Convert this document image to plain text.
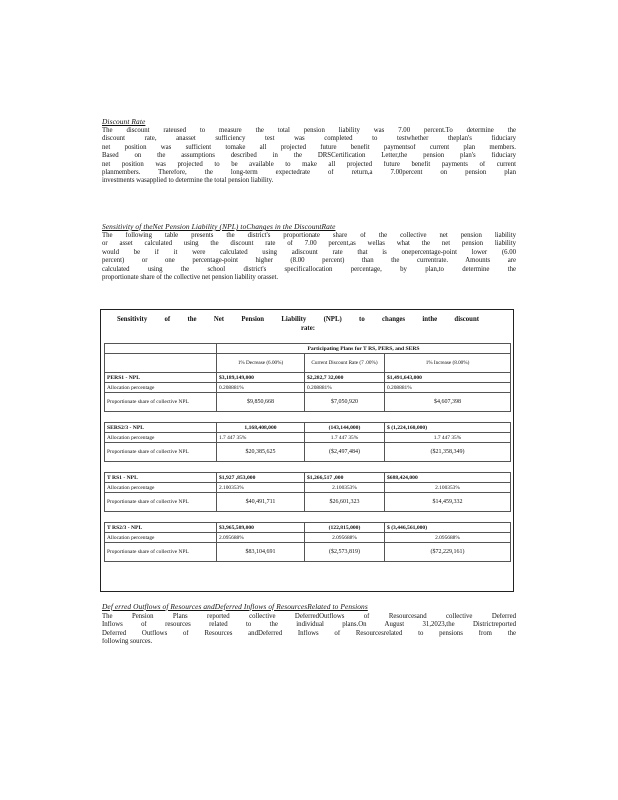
Discount Rate
The discount rateused to measure the total pension liability was 7.00 percent.To determine the
discount rate, anasset sufficiency test was completed to testwhether theplan's fiduciary
net position was sufficient tomake all projected future benefit paymentsof current plan members.
Based on the assumptions described in the DRSCertification Letter,the pension plan's fiduciary
net position was projected to be available to make all projected future benefit payments of current
planmembers. Therefore, the long-term expectedrate of return,a 7.00percent on pension plan
investments wasapplied to determine the total pension liability.
Sensitivity of theNet Pension Liability (NPL) toChanges in the DiscountRate
The following table presents the district's proportionate share of the collective net pension liability
or asset calculated using the discount rate of 7.00 percent,as wellas what the net pension liability
would be if it were calculated using adiscount rate that is onepercentage-point lower (6.00
percent) or one percentage-point higher (8.00 percent) than the currentrate. Amounts are
calculated using the school district's specificallocation percentage, by plan,to determine the
proportionate share of the collective net pension liability orasset.
Sensitivity of the Net Pension Liability (NPL) to changes inthe discount
rate:
	Participating Plans for T RS, PERS, and SERS		
	1% Decrease (6.00%)	Current Discount Rate (7 .00%)	1% Increase (8.00%)
PERS1 - NPL	$3,189,149,000	$2,282,7 32,000	$1,491,643,000
Allocation percentage	0.208881%	0.208881%	0.208881%

Proportionate share of collective NPL	$9,850,668	$7,050,920	$4,607,398

SERS2/3 - NPL	1,168,408,000	(143,144,000)	$ (1,224,160,000)
Allocation percentage	1.7 447 35%	1.7 447 35%	1.7 447 35%

Proportionate share of collective NPL	$20,385,625	($2,497,484)	($21,358,349)

T RS1 - NPL	$1,927 ,853,000	$1,266,517 ,000	$688,424,000
Allocation percentage	2.100353%	2.100353%	2.100353%

Proportionate share of collective NPL	$40,491,711	$26,601,323	$14,459,332

T RS2/3 - NPL	$3,965,509,000	(122,815,000)	$ (3,446,561,000)
Allocation percentage	2.095688%	2.095688%	2.095688%

Proportionate share of collective NPL	$83,104,691	($2,573,819)	($72,229,161)
Def erred Outflows of Resources andDeferred Inflows of ResourcesRelated to Pensions
The Pension Plans reported collective DeferredOutflows of Resourcesand collective Deferred
Inflows of resources related to the individual plans.On August 31,2023,the Districtreported
Deferred Outflows of Resources andDeferred Inflows of Resourcesrelated to pensions from the
following sources.
